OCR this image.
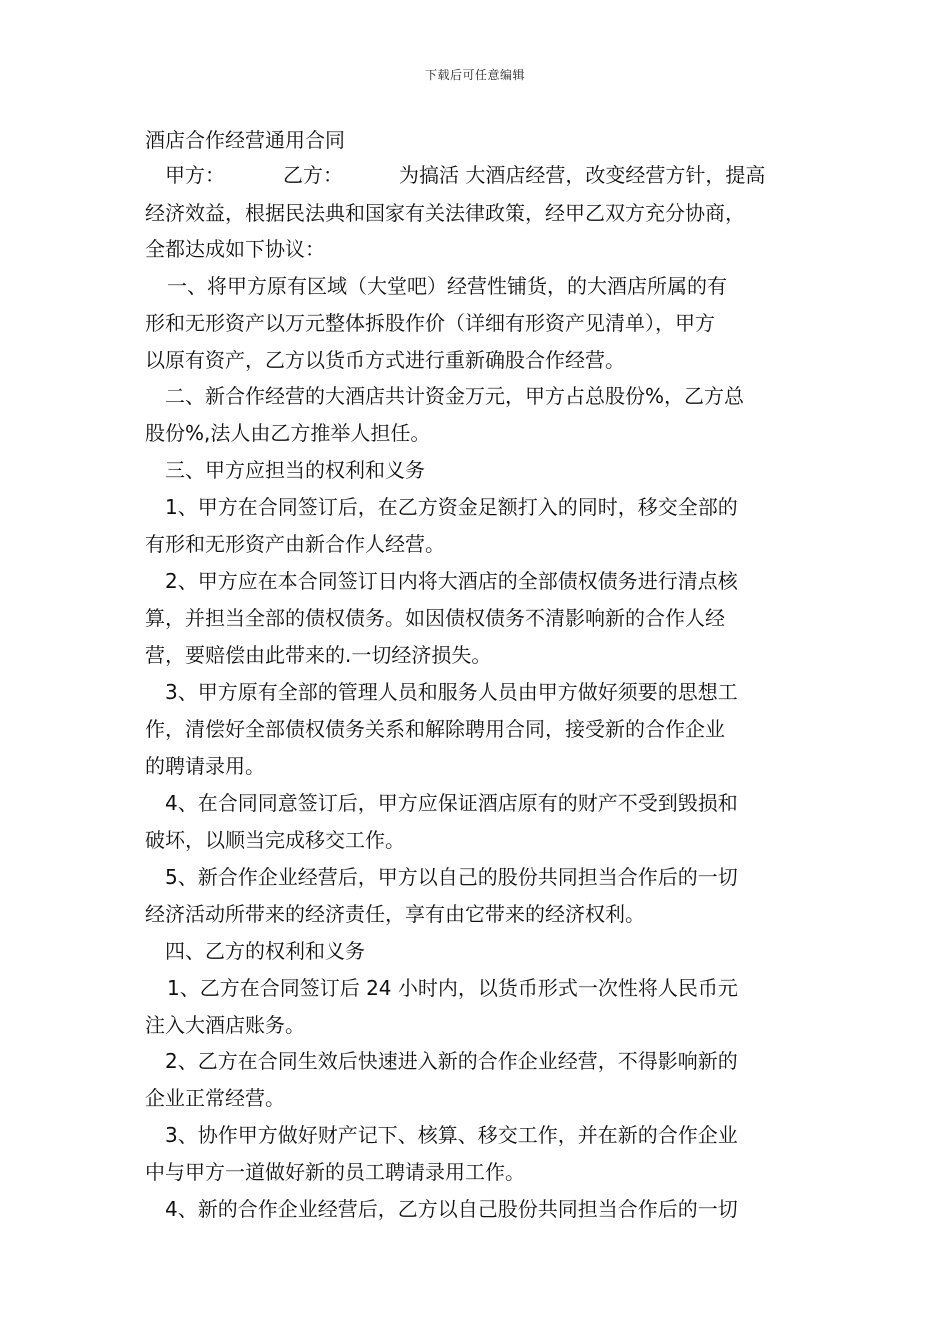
下载后可任意编辑
酒店合作经营通用合同
甲方：	乙方：	为搞活 大酒店经营，改变经营方针，提高
经济效益，根据民法典和国家有关法律政策，经甲乙双方充分协商，
全都达成如下协议：
一、将甲方原有区域（大堂吧）经营性铺货，的大酒店所属的有
形和无形资产以万元整体拆股作价（详细有形资产见清单），甲方
以原有资产，乙方以货币方式进行重新确股合作经营。
二、新合作经营的大酒店共计资金万元，甲方占总股份%，乙方总
股份%,法人由乙方推举人担任。
三、甲方应担当的权利和义务
1、甲方在合同签订后，在乙方资金足额打入的同时，移交全部的
有形和无形资产由新合作人经营。
2、甲方应在本合同签订日内将大酒店的全部债权债务进行清点核
算，并担当全部的债权债务。如因债权债务不清影响新的合作人经
营，要赔偿由此带来的.一切经济损失。
3、甲方原有全部的管理人员和服务人员由甲方做好须要的思想工
作，清偿好全部债权债务关系和解除聘用合同，接受新的合作企业
的聘请录用。
4、在合同同意签订后，甲方应保证酒店原有的财产不受到毁损和
破坏，以顺当完成移交工作。
5、新合作企业经营后，甲方以自己的股份共同担当合作后的一切
经济活动所带来的经济责任，享有由它带来的经济权利。
四、乙方的权利和义务
1、乙方在合同签订后 24 小时内，以货币形式一次性将人民币元
注入大酒店账务。
2、乙方在合同生效后快速进入新的合作企业经营，不得影响新的
企业正常经营。
3、协作甲方做好财产记下、核算、移交工作，并在新的合作企业
中与甲方一道做好新的员工聘请录用工作。
4、新的合作企业经营后，乙方以自己股份共同担当合作后的一切
